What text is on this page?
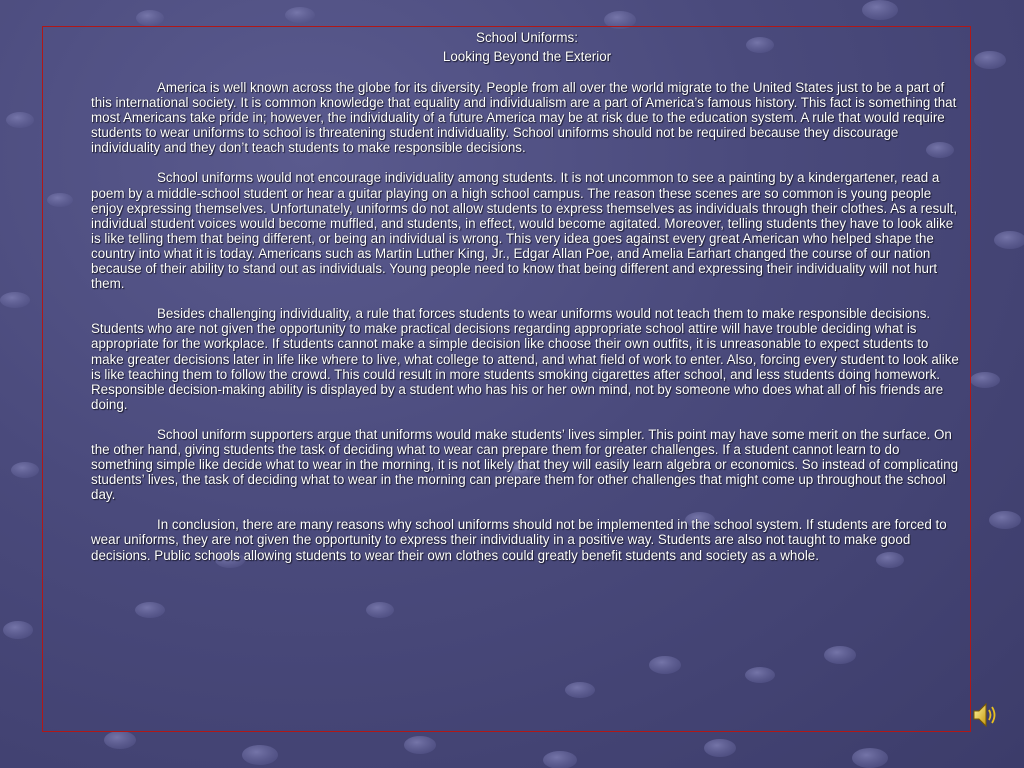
School Uniforms:

Looking Beyond the Exterior

America is well known across the globe for its diversity. People from all over the world migrate to the United States just to be a part of this international society. It is common knowledge that equality and individualism are a part of America’s famous history. This fact is something that most Americans take pride in; however, the individuality of a future America may be at risk due to the education system. A rule that would require students to wear uniforms to school is threatening student individuality. School uniforms should not be required because they discourage individuality and they don’t teach students to make responsible decisions.

School uniforms would not encourage individuality among students. It is not uncommon to see a painting by a kindergartener, read a poem by a middle-school student or hear a guitar playing on a high school campus. The reason these scenes are so common is young people enjoy expressing themselves. Unfortunately, uniforms do not allow students to express themselves as individuals through their clothes. As a result, individual student voices would become muffled, and students, in effect, would become agitated. Moreover, telling students they have to look alike is like telling them that being different, or being an individual is wrong. This very idea goes against every great American who helped shape the country into what it is today. Americans such as Martin Luther King, Jr., Edgar Allan Poe, and Amelia Earhart changed the course of our nation because of their ability to stand out as individuals. Young people need to know that being different and expressing their individuality will not hurt them.

Besides challenging individuality, a rule that forces students to wear uniforms would not teach them to make responsible decisions. Students who are not given the opportunity to make practical decisions regarding appropriate school attire will have trouble deciding what is appropriate for the workplace. If students cannot make a simple decision like choose their own outfits, it is unreasonable to expect students to make greater decisions later in life like where to live, what college to attend, and what field of work to enter. Also, forcing every student to look alike is like teaching them to follow the crowd. This could result in more students smoking cigarettes after school, and less students doing homework. Responsible decision-making ability is displayed by a student who has his or her own mind, not by someone who does what all of his friends are doing.

School uniform supporters argue that uniforms would make students’ lives simpler. This point may have some merit on the surface. On the other hand, giving students the task of deciding what to wear can prepare them for greater challenges. If a student cannot learn to do something simple like decide what to wear in the morning, it is not likely that they will easily learn algebra or economics. So instead of complicating students’ lives, the task of deciding what to wear in the morning can prepare them for other challenges that might come up throughout the school day.

In conclusion, there are many reasons why school uniforms should not be implemented in the school system. If students are forced to wear uniforms, they are not given the opportunity to express their individuality in a positive way. Students are also not taught to make good decisions. Public schools allowing students to wear their own clothes could greatly benefit students and society as a whole.
